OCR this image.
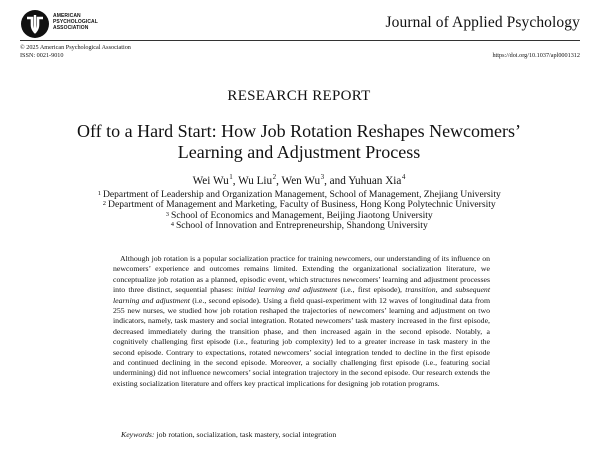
AMERICAN
PSYCHOLOGICAL
ASSOCIATION	Journal of Applied Psychology
© 2025 American Psychological Association
ISSN: 0021-9010	https://doi.org/10.1037/apl0001312
RESEARCH REPORT
Off to a Hard Start: How Job Rotation Reshapes Newcomers’
Learning and Adjustment Process
Wei Wu$^1$, Wu Liu$^2$, Wen Wu$^3$, and Yuhuan Xia$^4$
$^1$ Department of Leadership and Organization Management, School of Management, Zhejiang University
$^2$ Department of Management and Marketing, Faculty of Business, Hong Kong Polytechnic University
$^3$ School of Economics and Management, Beijing Jiaotong University
$^4$ School of Innovation and Entrepreneurship, Shandong University
Although job rotation is a popular socialization practice for training newcomers, our understanding of its influence on newcomers’ experience and outcomes remains limited. Extending the organizational socialization literature, we conceptualize job rotation as a planned, episodic event, which structures newcomers’ learning and adjustment processes into three distinct, sequential phases: initial learning and adjustment (i.e., first episode), transition, and subsequent learning and adjustment (i.e., second episode). Using a field quasi-experiment with 12 waves of longitudinal data from 255 new nurses, we studied how job rotation reshaped the trajectories of newcomers’ learning and adjustment on two indicators, namely, task mastery and social integration. Rotated newcomers’ task mastery increased in the first episode, decreased immediately during the transition phase, and then increased again in the second episode. Notably, a cognitively challenging first episode (i.e., featuring job complexity) led to a greater increase in task mastery in the second episode. Contrary to expectations, rotated newcomers’ social integration tended to decline in the first episode and continued declining in the second episode. Moreover, a socially challenging first episode (i.e., featuring social undermining) did not influence newcomers’ social integration trajectory in the second episode. Our research extends the existing socialization literature and offers key practical implications for designing job rotation programs.
Keywords: job rotation, socialization, task mastery, social integration
